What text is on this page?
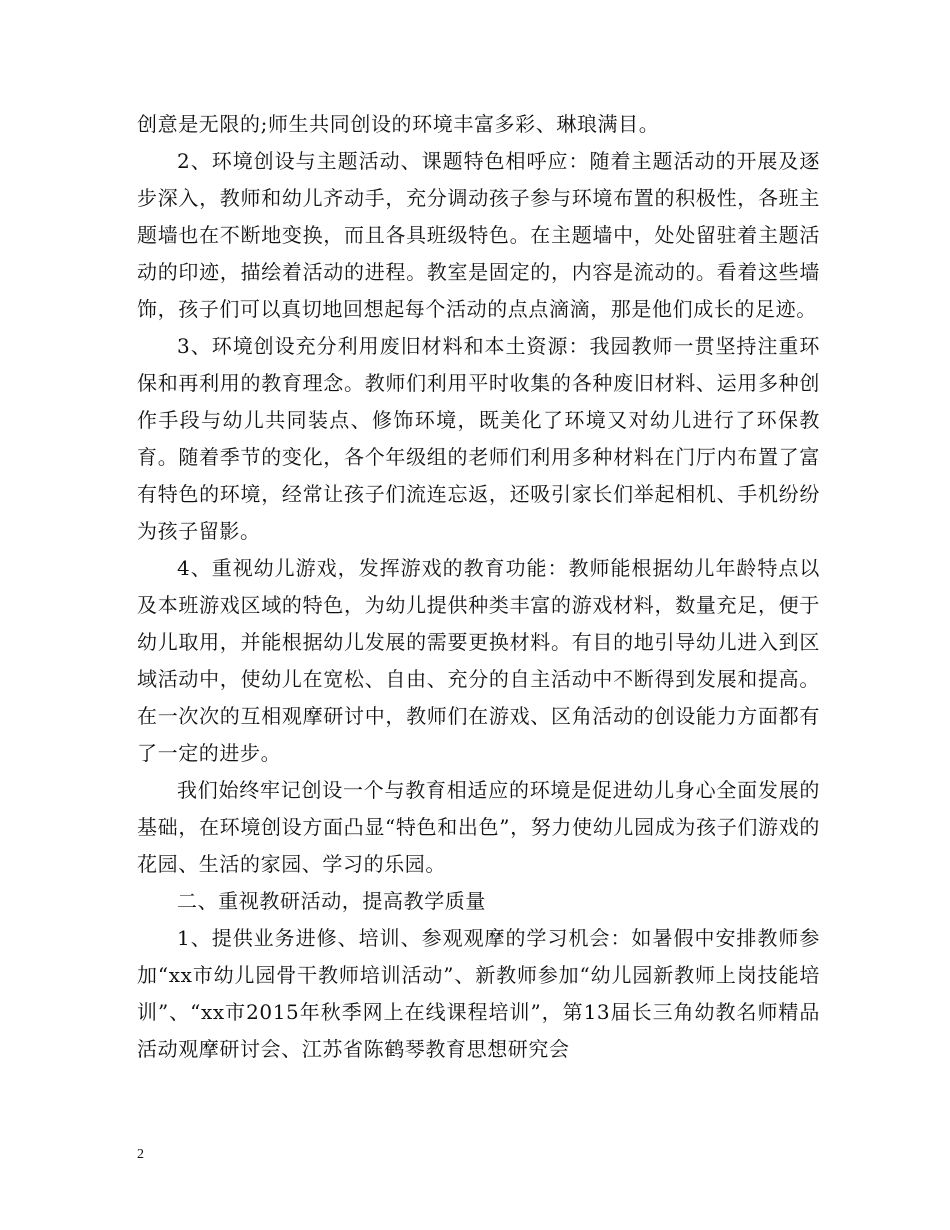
创意是无限的;师生共同创设的环境丰富多彩、琳琅满目。

2、环境创设与主题活动、课题特色相呼应：随着主题活动的开展及逐步深入，教师和幼儿齐动手，充分调动孩子参与环境布置的积极性，各班主题墙也在不断地变换，而且各具班级特色。在主题墙中，处处留驻着主题活动的印迹，描绘着活动的进程。教室是固定的，内容是流动的。看着这些墙饰，孩子们可以真切地回想起每个活动的点点滴滴，那是他们成长的足迹。

3、环境创设充分利用废旧材料和本土资源：我园教师一贯坚持注重环保和再利用的教育理念。教师们利用平时收集的各种废旧材料、运用多种创作手段与幼儿共同装点、修饰环境，既美化了环境又对幼儿进行了环保教育。随着季节的变化，各个年级组的老师们利用多种材料在门厅内布置了富有特色的环境，经常让孩子们流连忘返，还吸引家长们举起相机、手机纷纷为孩子留影。

4、重视幼儿游戏，发挥游戏的教育功能：教师能根据幼儿年龄特点以及本班游戏区域的特色，为幼儿提供种类丰富的游戏材料，数量充足，便于幼儿取用，并能根据幼儿发展的需要更换材料。有目的地引导幼儿进入到区域活动中，使幼儿在宽松、自由、充分的自主活动中不断得到发展和提高。 在一次次的互相观摩研讨中，教师们在游戏、区角活动的创设能力方面都有了一定的进步。

我们始终牢记创设一个与教育相适应的环境是促进幼儿身心全面发展的基础，在环境创设方面凸显“特色和出色”，努力使幼儿园成为孩子们游戏的花园、生活的家园、学习的乐园。

二、重视教研活动，提高教学质量

1、提供业务进修、培训、参观观摩的学习机会：如暑假中安排教师参加“xx市幼儿园骨干教师培训活动”、新教师参加“幼儿园新教师上岗技能培训”、“xx市2015年秋季网上在线课程培训”，第13届长三角幼教名师精品活动观摩研讨会、江苏省陈鹤琴教育思想研究会

2
